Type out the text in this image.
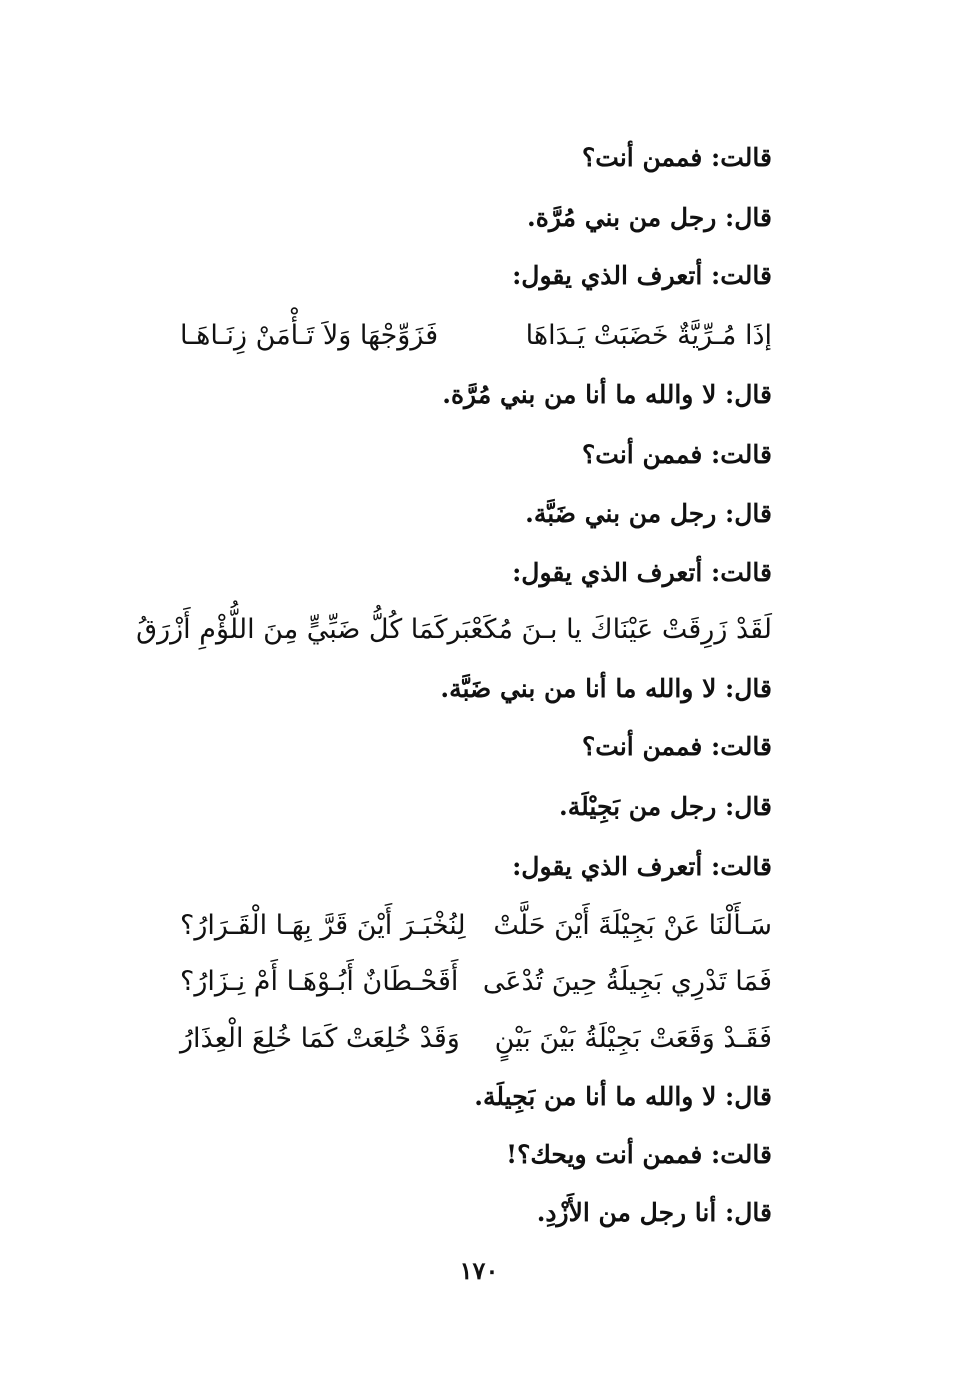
قالت: فممن أنت؟
قال: رجل من بني مُرَّة.
قالت: أتعرف الذي يقول:
إذَا مُـرِّيَّةٌ خَضَبَتْ يَـدَاهَا
فَزَوِّجْهَا وَلاَ تَـأْمَنْ زِنَـاهَـا
قال: لا والله ما أنا من بني مُرَّة.
قالت: فممن أنت؟
قال: رجل من بني ضَبَّة.
قالت: أتعرف الذي يقول:
لَقَدْ زَرِقَتْ عَيْنَاكَ يا بـنَ مُكَعْبَر
كَمَا كُلُّ ضَبِّيٍّ مِنَ اللُّؤْمِ أَزْرَقُ
قال: لا والله ما أنا من بني ضَبَّة.
قالت: فممن أنت؟
قال: رجل من بَجِيْلَة.
قالت: أتعرف الذي يقول:
سَـأَلْنَا عَنْ بَجِيْلَةَ أَيْنَ حَلَّتْ
لِنُخْبَـرَ أَيْنَ قَرَّ بِهَـا الْقَـرَارُ؟
فَمَا تَدْرِي بَجِيلَةُ حِينَ تُدْعَى
أَقَحْـطَانٌ أَبُـوْهَـا أَمْ نِـزَارُ؟
فَقَـدْ وَقَعَتْ بَجِيْلَةُ بَيْنَ بَيْنٍ
وَقَدْ خُلِعَتْ كَمَا خُلِعَ الْعِذَارُ
قال: لا والله ما أنا من بَجِيلَة.
قالت: فممن أنت ويحك؟!
قال: أنا رجل من الأَزْدِ.
١٧٠
